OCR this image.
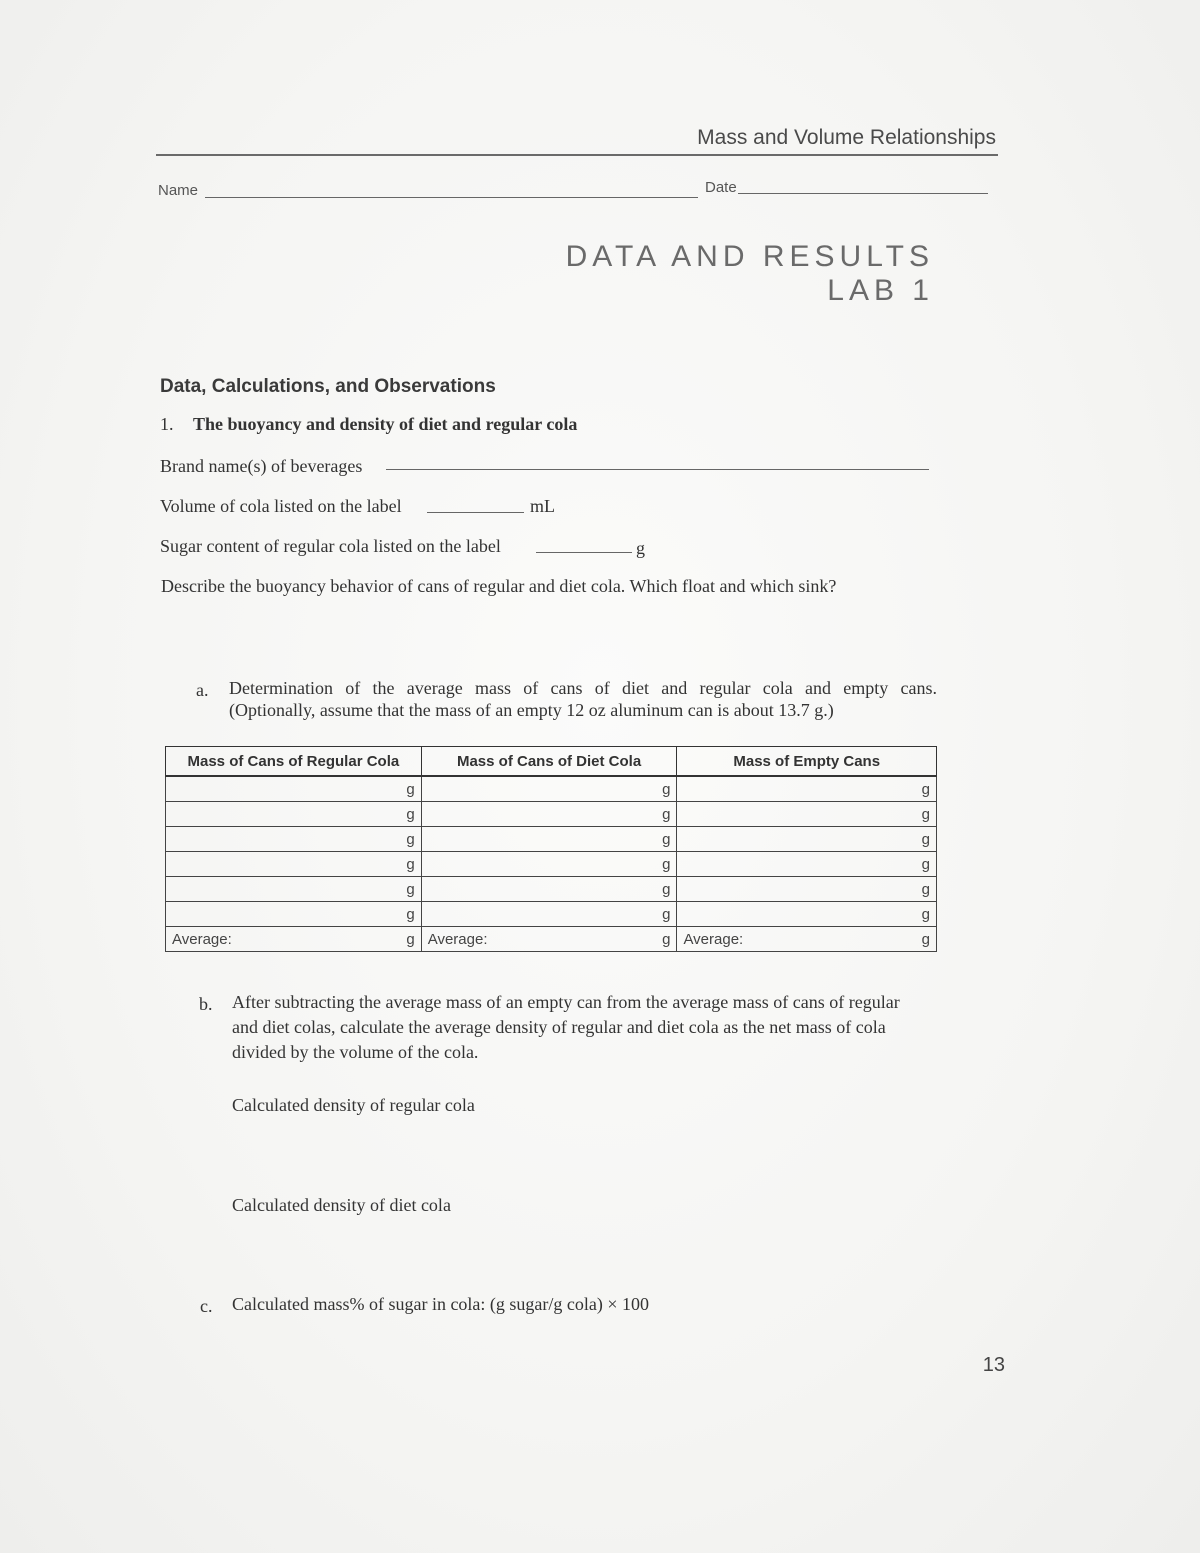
Mass and Volume Relationships
Name	Date
DATA AND RESULTS
LAB 1
Data, Calculations, and Observations
1. The buoyancy and density of diet and regular cola
Brand name(s) of beverages
Volume of cola listed on the label	mL
Sugar content of regular cola listed on the label	g
Describe the buoyancy behavior of cans of regular and diet cola. Which float and which sink?
a. Determination of the average mass of cans of diet and regular cola and empty cans.
(Optionally, assume that the mass of an empty 12 oz aluminum can is about 13.7 g.)
Mass of Cans of Regular Cola	Mass of Cans of Diet Cola	Mass of Empty Cans
g	g	g
g	g	g
g	g	g
g	g	g
g	g	g
g	g	g

Average: g	Average: g	Average: g
b. After subtracting the average mass of an empty can from the average mass of cans of regular
and diet colas, calculate the average density of regular and diet cola as the net mass of cola
divided by the volume of the cola.
Calculated density of regular cola
Calculated density of diet cola
c. Calculated mass% of sugar in cola: (g sugar/g cola) × 100
13
